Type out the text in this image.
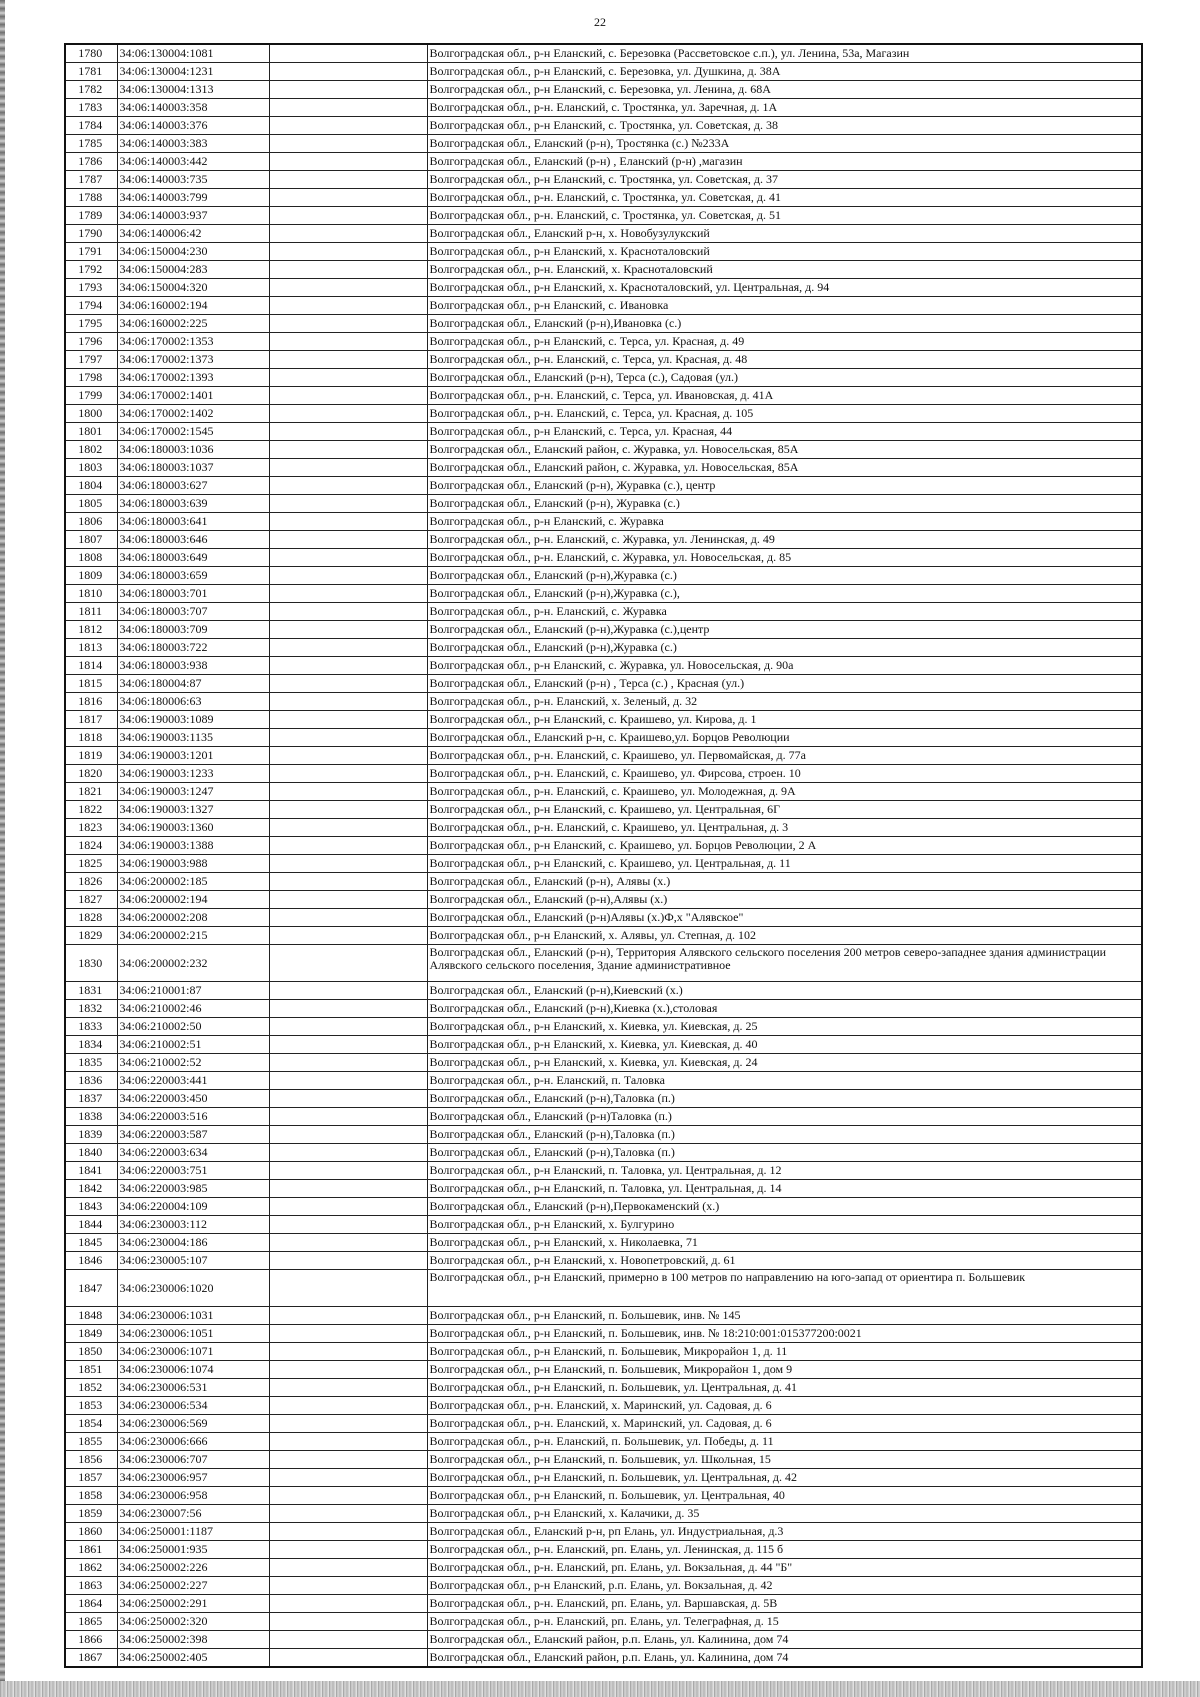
22
1780	34:06:130004:1081		Волгоградская обл., р-н Еланский, с. Березовка (Рассветовское с.п.), ул. Ленина, 53а, Магазин
1781	34:06:130004:1231		Волгоградская обл., р-н Еланский, с. Березовка, ул. Душкина, д. 38А
1782	34:06:130004:1313		Волгоградская обл., р-н Еланский, с. Березовка, ул. Ленина, д. 68А
1783	34:06:140003:358		Волгоградская обл., р-н. Еланский, с. Тростянка, ул. Заречная, д. 1А
1784	34:06:140003:376		Волгоградская обл., р-н Еланский, с. Тростянка, ул. Советская, д. 38
1785	34:06:140003:383		Волгоградская обл., Еланский (р-н), Тростянка (с.) №233А
1786	34:06:140003:442		Волгоградская обл., Еланский (р-н) , Еланский (р-н) ,магазин
1787	34:06:140003:735		Волгоградская обл., р-н Еланский, с. Тростянка, ул. Советская, д. 37
1788	34:06:140003:799		Волгоградская обл., р-н. Еланский, с. Тростянка, ул. Советская, д. 41
1789	34:06:140003:937		Волгоградская обл., р-н. Еланский, с. Тростянка, ул. Советская, д. 51
1790	34:06:140006:42		Волгоградская обл., Еланский р-н, х. Новобузулукский
1791	34:06:150004:230		Волгоградская обл., р-н Еланский, х. Красноталовский
1792	34:06:150004:283		Волгоградская обл., р-н. Еланский, х. Красноталовский
1793	34:06:150004:320		Волгоградская обл., р-н Еланский, х. Красноталовский, ул. Центральная, д. 94
1794	34:06:160002:194		Волгоградская обл., р-н Еланский, с. Ивановка
1795	34:06:160002:225		Волгоградская обл., Еланский (р-н),Ивановка (с.)
1796	34:06:170002:1353		Волгоградская обл., р-н Еланский, с. Терса, ул. Красная, д. 49
1797	34:06:170002:1373		Волгоградская обл., р-н. Еланский, с. Терса, ул. Красная, д. 48
1798	34:06:170002:1393		Волгоградская обл., Еланский (р-н), Терса (с.), Садовая (ул.)
1799	34:06:170002:1401		Волгоградская обл., р-н. Еланский, с. Терса, ул. Ивановская, д. 41А
1800	34:06:170002:1402		Волгоградская обл., р-н. Еланский, с. Терса, ул. Красная, д. 105
1801	34:06:170002:1545		Волгоградская обл., р-н Еланский, с. Терса, ул. Красная, 44
1802	34:06:180003:1036		Волгоградская обл., Еланский район, с. Журавка, ул. Новосельская, 85А
1803	34:06:180003:1037		Волгоградская обл., Еланский район, с. Журавка, ул. Новосельская, 85А
1804	34:06:180003:627		Волгоградская обл., Еланский (р-н), Журавка (с.), центр
1805	34:06:180003:639		Волгоградская обл., Еланский (р-н), Журавка (с.)
1806	34:06:180003:641		Волгоградская обл., р-н Еланский, с. Журавка
1807	34:06:180003:646		Волгоградская обл., р-н. Еланский, с. Журавка, ул. Ленинская, д. 49
1808	34:06:180003:649		Волгоградская обл., р-н. Еланский, с. Журавка, ул. Новосельская, д. 85
1809	34:06:180003:659		Волгоградская обл., Еланский (р-н),Журавка (с.)
1810	34:06:180003:701		Волгоградская обл., Еланский (р-н),Журавка (с.),
1811	34:06:180003:707		Волгоградская обл., р-н. Еланский, с. Журавка
1812	34:06:180003:709		Волгоградская обл., Еланский (р-н),Журавка (с.),центр
1813	34:06:180003:722		Волгоградская обл., Еланский (р-н),Журавка (с.)
1814	34:06:180003:938		Волгоградская обл., р-н Еланский, с. Журавка, ул. Новосельская, д. 90а
1815	34:06:180004:87		Волгоградская обл., Еланский (р-н) , Терса (с.) , Красная (ул.)
1816	34:06:180006:63		Волгоградская обл., р-н. Еланский, х. Зеленый, д. 32
1817	34:06:190003:1089		Волгоградская обл., р-н Еланский, с. Краишево, ул. Кирова, д. 1
1818	34:06:190003:1135		Волгоградская обл., Еланский р-н, с. Краишево,ул. Борцов Революции
1819	34:06:190003:1201		Волгоградская обл., р-н. Еланский, с. Краишево, ул. Первомайская, д. 77а
1820	34:06:190003:1233		Волгоградская обл., р-н. Еланский, с. Краишево, ул. Фирсова, строен. 10
1821	34:06:190003:1247		Волгоградская обл., р-н. Еланский, с. Краишево, ул. Молодежная, д. 9А
1822	34:06:190003:1327		Волгоградская обл., р-н Еланский, с. Краишево, ул. Центральная, 6Г
1823	34:06:190003:1360		Волгоградская обл., р-н. Еланский, с. Краишево, ул. Центральная, д. 3
1824	34:06:190003:1388		Волгоградская обл., р-н Еланский, с. Краишево, ул. Борцов Революции, 2 А
1825	34:06:190003:988		Волгоградская обл., р-н Еланский, с. Краишево, ул. Центральная, д. 11
1826	34:06:200002:185		Волгоградская обл., Еланский (р-н), Алявы (х.)
1827	34:06:200002:194		Волгоградская обл., Еланский (р-н),Алявы (х.)
1828	34:06:200002:208		Волгоградская обл., Еланский (р-н)Алявы (х.)Ф,х "Алявское"
1829	34:06:200002:215		Волгоградская обл., р-н Еланский, х. Алявы, ул. Степная, д. 102
1830	34:06:200002:232		Волгоградская обл., Еланский (р-н), Территория Алявского сельского поселения 200 метров северо-западнее здания администрации Алявского сельского поселения, Здание административное
1831	34:06:210001:87		Волгоградская обл., Еланский (р-н),Киевский (х.)
1832	34:06:210002:46		Волгоградская обл., Еланский (р-н),Киевка (х.),столовая
1833	34:06:210002:50		Волгоградская обл., р-н Еланский, х. Киевка, ул. Киевская, д. 25
1834	34:06:210002:51		Волгоградская обл., р-н Еланский, х. Киевка, ул. Киевская, д. 40
1835	34:06:210002:52		Волгоградская обл., р-н Еланский, х. Киевка, ул. Киевская, д. 24
1836	34:06:220003:441		Волгоградская обл., р-н. Еланский, п. Таловка
1837	34:06:220003:450		Волгоградская обл., Еланский (р-н),Таловка (п.)
1838	34:06:220003:516		Волгоградская обл., Еланский (р-н)Таловка (п.)
1839	34:06:220003:587		Волгоградская обл., Еланский (р-н),Таловка (п.)
1840	34:06:220003:634		Волгоградская обл., Еланский (р-н),Таловка (п.)
1841	34:06:220003:751		Волгоградская обл., р-н Еланский, п. Таловка, ул. Центральная, д. 12
1842	34:06:220003:985		Волгоградская обл., р-н Еланский, п. Таловка, ул. Центральная, д. 14
1843	34:06:220004:109		Волгоградская обл., Еланский (р-н),Первокаменский (х.)
1844	34:06:230003:112		Волгоградская обл., р-н Еланский, х. Булгурино
1845	34:06:230004:186		Волгоградская обл., р-н Еланский, х. Николаевка, 71
1846	34:06:230005:107		Волгоградская обл., р-н Еланский, х. Новопетровский, д. 61
1847	34:06:230006:1020		Волгоградская обл., р-н Еланский, примерно в 100 метров по направлению на юго-запад от ориентира п. Большевик
1848	34:06:230006:1031		Волгоградская обл., р-н Еланский, п. Большевик, инв. № 145
1849	34:06:230006:1051		Волгоградская обл., р-н Еланский, п. Большевик, инв. № 18:210:001:015377200:0021
1850	34:06:230006:1071		Волгоградская обл., р-н Еланский, п. Большевик, Микрорайон 1, д. 11
1851	34:06:230006:1074		Волгоградская обл., р-н Еланский, п. Большевик, Микрорайон 1, дом 9
1852	34:06:230006:531		Волгоградская обл., р-н Еланский, п. Большевик, ул. Центральная, д. 41
1853	34:06:230006:534		Волгоградская обл., р-н. Еланский, х. Маринский, ул. Садовая, д. 6
1854	34:06:230006:569		Волгоградская обл., р-н. Еланский, х. Маринский, ул. Садовая, д. 6
1855	34:06:230006:666		Волгоградская обл., р-н. Еланский, п. Большевик, ул. Победы, д. 11
1856	34:06:230006:707		Волгоградская обл., р-н Еланский, п. Большевик, ул. Школьная, 15
1857	34:06:230006:957		Волгоградская обл., р-н Еланский, п. Большевик, ул. Центральная, д. 42
1858	34:06:230006:958		Волгоградская обл., р-н Еланский, п. Большевик, ул. Центральная, 40
1859	34:06:230007:56		Волгоградская обл., р-н Еланский, х. Калачики, д. 35
1860	34:06:250001:1187		Волгоградская обл., Еланский р-н, рп Елань, ул. Индустриальная, д.3
1861	34:06:250001:935		Волгоградская обл., р-н. Еланский, рп. Елань, ул. Ленинская, д. 115 б
1862	34:06:250002:226		Волгоградская обл., р-н. Еланский, рп. Елань, ул. Вокзальная, д. 44 "Б"
1863	34:06:250002:227		Волгоградская обл., р-н Еланский, р.п. Елань, ул. Вокзальная, д. 42
1864	34:06:250002:291		Волгоградская обл., р-н. Еланский, рп. Елань, ул. Варшавская, д. 5В
1865	34:06:250002:320		Волгоградская обл., р-н. Еланский, рп. Елань, ул. Телеграфная, д. 15
1866	34:06:250002:398		Волгоградская обл., Еланский район, р.п. Елань, ул. Калинина, дом 74
1867	34:06:250002:405		Волгоградская обл., Еланский район, р.п. Елань, ул. Калинина, дом 74
